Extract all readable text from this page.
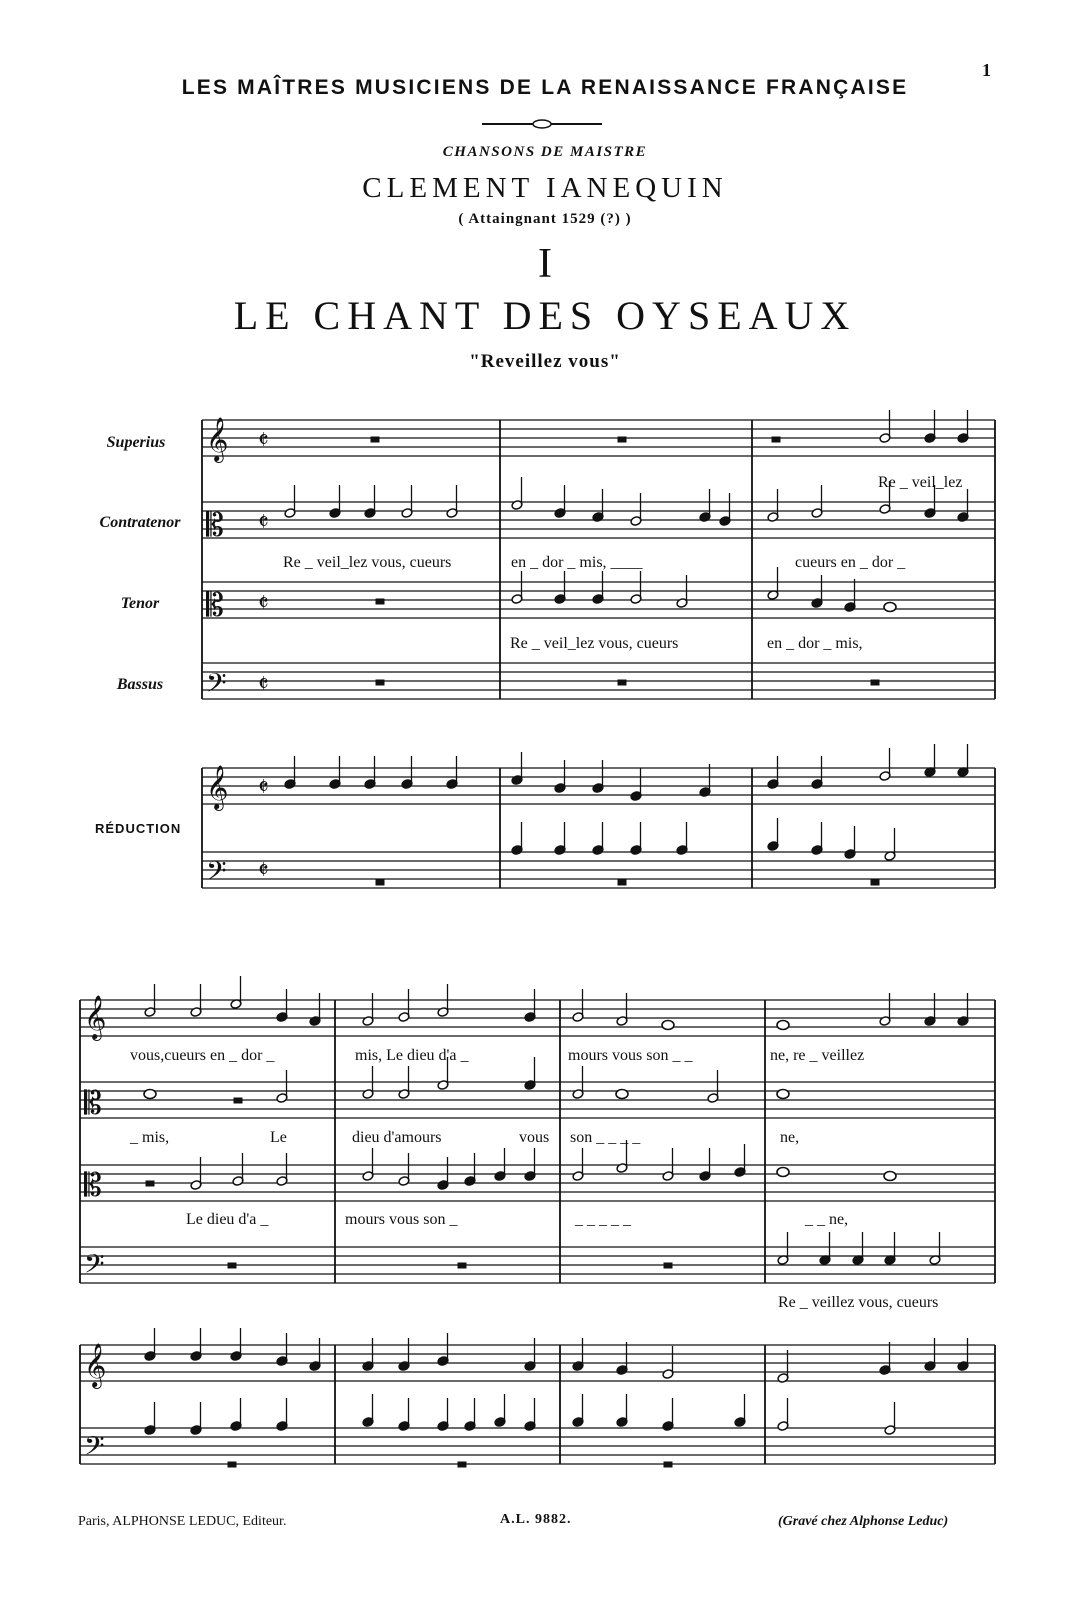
LES MAÎTRES MUSICIENS DE LA RENAISSANCE FRANÇAISE
1
CHANSONS DE MAISTRE
CLEMENT IANEQUIN
( Attaingnant 1529 (?) )
I
LE CHANT DES OYSEAUX
"Reveillez vous"
Superius
Contratenor
Tenor
Bassus
RÉDUCTION
𝄞
𝄡
𝄡
𝄢
𝄞
𝄢
𝄵
𝄵
𝄵
𝄵
𝄵
𝄵
𝄞
𝄡
𝄡
𝄢
𝄞
𝄢
Re _ veil_lez
Re _ veil_lez vous, cueurs	en _ dor _ mis, ____	cueurs en _ dor _
Re _ veil_lez vous, cueurs	en _ dor _ mis,
vous,cueurs en _ dor _	mis, Le dieu d'a _	mours vous son _ _	ne, re _ veillez
_ mis,	Le	dieu d'amours	vous son _ _ _ _	ne,
Le dieu d'a _	mours vous son _	_ _ _ _ _	_ _ ne,
Re _ veillez vous, cueurs
Paris, ALPHONSE LEDUC, Editeur.	A.L. 9882.	(Gravé chez Alphonse Leduc)
